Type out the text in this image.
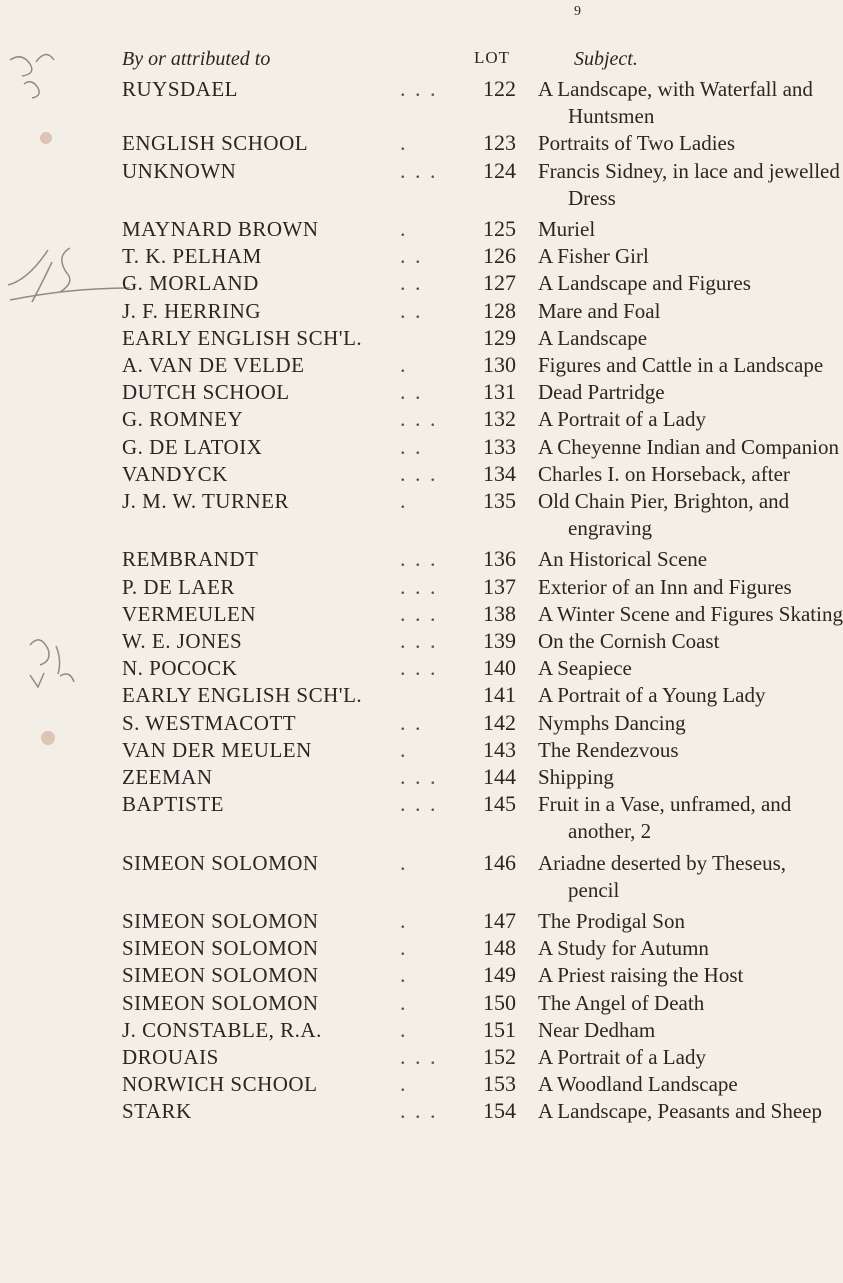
9
By or attributed to	LOT	Subject.
RUYSDAEL	. . .	122 A Landscape, with Waterfall and
Huntsmen
ENGLISH SCHOOL	.	123 Portraits of Two Ladies
UNKNOWN	. . .	124 Francis Sidney, in lace and jewelled
Dress
MAYNARD BROWN	.	125 Muriel
T. K. PELHAM	. .	126 A Fisher Girl
G. MORLAND	. .	127 A Landscape and Figures
J. F. HERRING	. .	128 Mare and Foal
EARLY ENGLISH SCH'L.	129 A Landscape
A. VAN DE VELDE	.	130 Figures and Cattle in a Landscape
DUTCH SCHOOL	. .	131 Dead Partridge
G. ROMNEY	. . .	132 A Portrait of a Lady
G. DE LATOIX	. .	133 A Cheyenne Indian and Companion
VANDYCK	. . .	134 Charles I. on Horseback, after
J. M. W. TURNER	.	135 Old Chain Pier, Brighton, and
engraving
REMBRANDT	. . .	136 An Historical Scene
P. DE LAER	. . .	137 Exterior of an Inn and Figures
VERMEULEN	. . .	138 A Winter Scene and Figures Skating
W. E. JONES	. . .	139 On the Cornish Coast
N. POCOCK	. . .	140 A Seapiece
EARLY ENGLISH SCH'L.	141 A Portrait of a Young Lady
S. WESTMACOTT	. .	142 Nymphs Dancing
VAN DER MEULEN	.	143 The Rendezvous
ZEEMAN	. . .	144 Shipping
BAPTISTE	. . .	145 Fruit in a Vase, unframed, and
another, 2
SIMEON SOLOMON	.	146 Ariadne deserted by Theseus,
pencil
SIMEON SOLOMON	.	147 The Prodigal Son
SIMEON SOLOMON	.	148 A Study for Autumn
SIMEON SOLOMON	.	149 A Priest raising the Host
SIMEON SOLOMON	.	150 The Angel of Death
J. CONSTABLE, R.A.	.	151 Near Dedham
DROUAIS	. . .	152 A Portrait of a Lady
NORWICH SCHOOL	.	153 A Woodland Landscape
STARK	. . .	154 A Landscape, Peasants and Sheep
